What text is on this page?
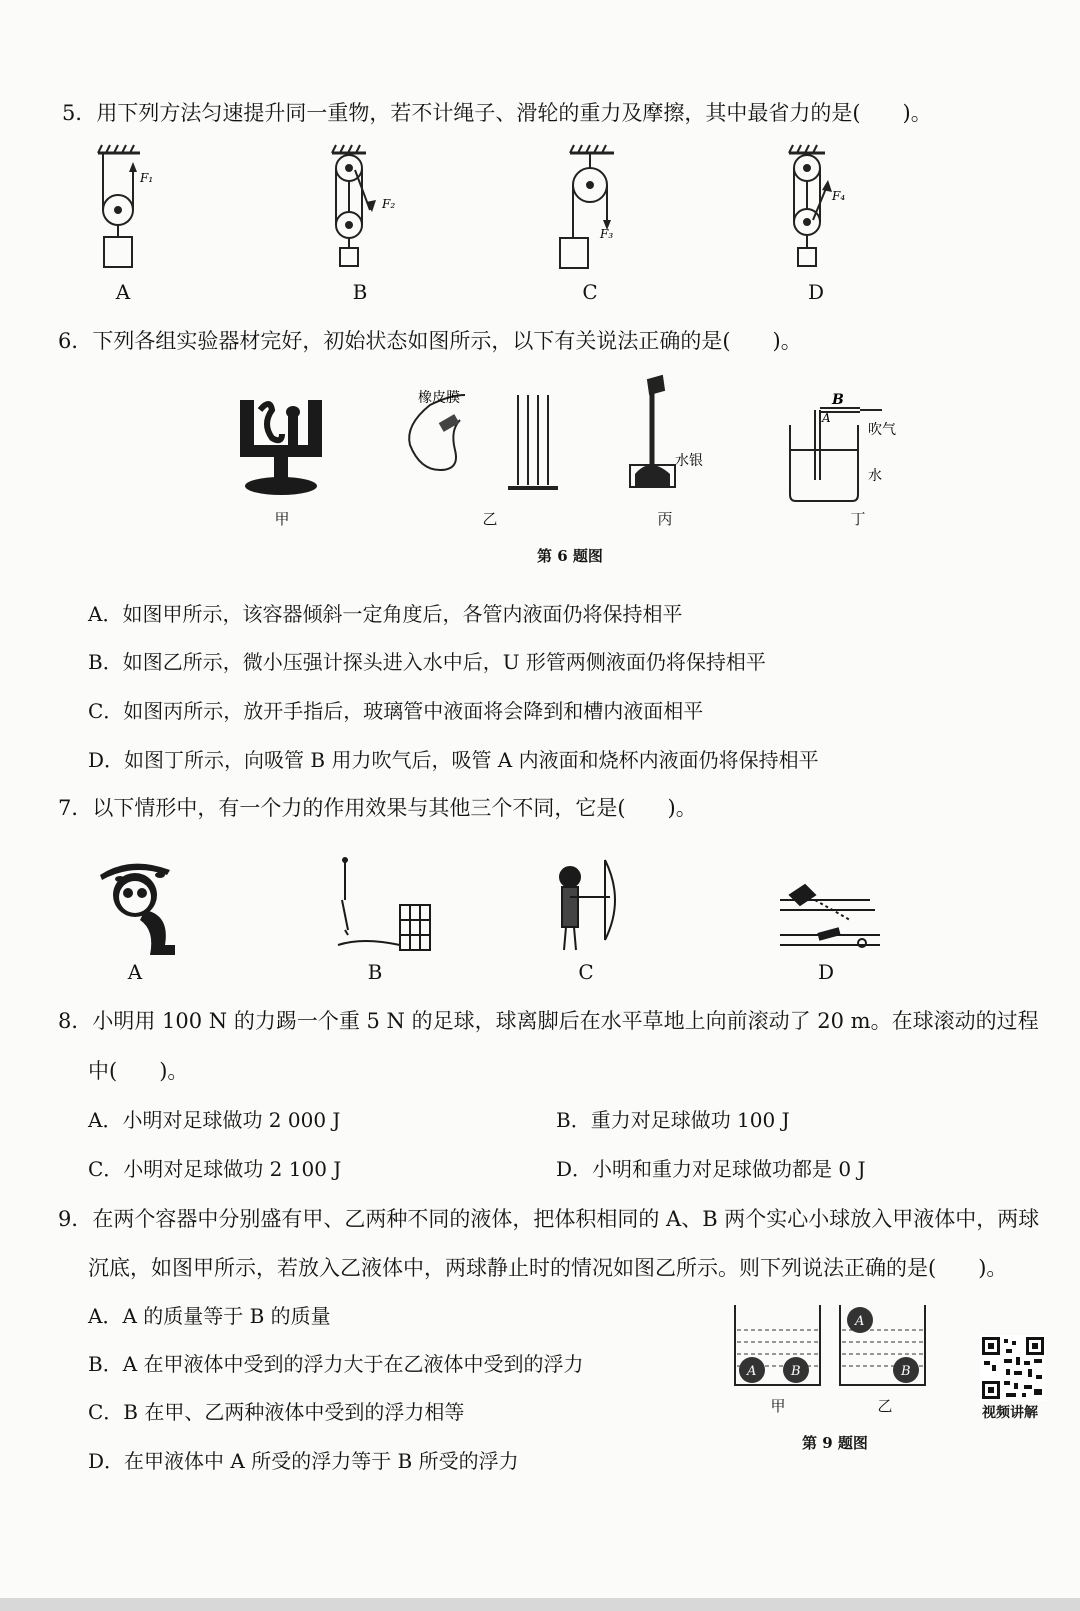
5．用下列方法匀速提升同一重物，若不计绳子、滑轮的重力及摩擦，其中最省力的是(　　)。
F₁
F₂
F₃
F₄
A	B	C	D
6．下列各组实验器材完好，初始状态如图所示，以下有关说法正确的是(　　)。
橡皮膜
水银
B
A
吹气
水
甲	乙	丙	丁
第 6 题图
A．如图甲所示，该容器倾斜一定角度后，各管内液面仍将保持相平
B．如图乙所示，微小压强计探头进入水中后，U 形管两侧液面仍将保持相平
C．如图丙所示，放开手指后，玻璃管中液面将会降到和槽内液面相平
D．如图丁所示，向吸管 B 用力吹气后，吸管 A 内液面和烧杯内液面仍将保持相平
7．以下情形中，有一个力的作用效果与其他三个不同，它是(　　)。
A	B	C	D
8．小明用 100 N 的力踢一个重 5 N 的足球，球离脚后在水平草地上向前滚动了 20 m。在球滚动的过程
中(　　)。
A．小明对足球做功 2 000 J	B．重力对足球做功 100 J
C．小明对足球做功 2 100 J	D．小明和重力对足球做功都是 0 J
9．在两个容器中分别盛有甲、乙两种不同的液体，把体积相同的 A、B 两个实心小球放入甲液体中，两球
沉底，如图甲所示，若放入乙液体中，两球静止时的情况如图乙所示。则下列说法正确的是(　　)。
A．A 的质量等于 B 的质量
B．A 在甲液体中受到的浮力大于在乙液体中受到的浮力
C．B 在甲、乙两种液体中受到的浮力相等
D．在甲液体中 A 所受的浮力等于 B 所受的浮力
A	B
A
B
甲	乙
第 9 题图
视频讲解
